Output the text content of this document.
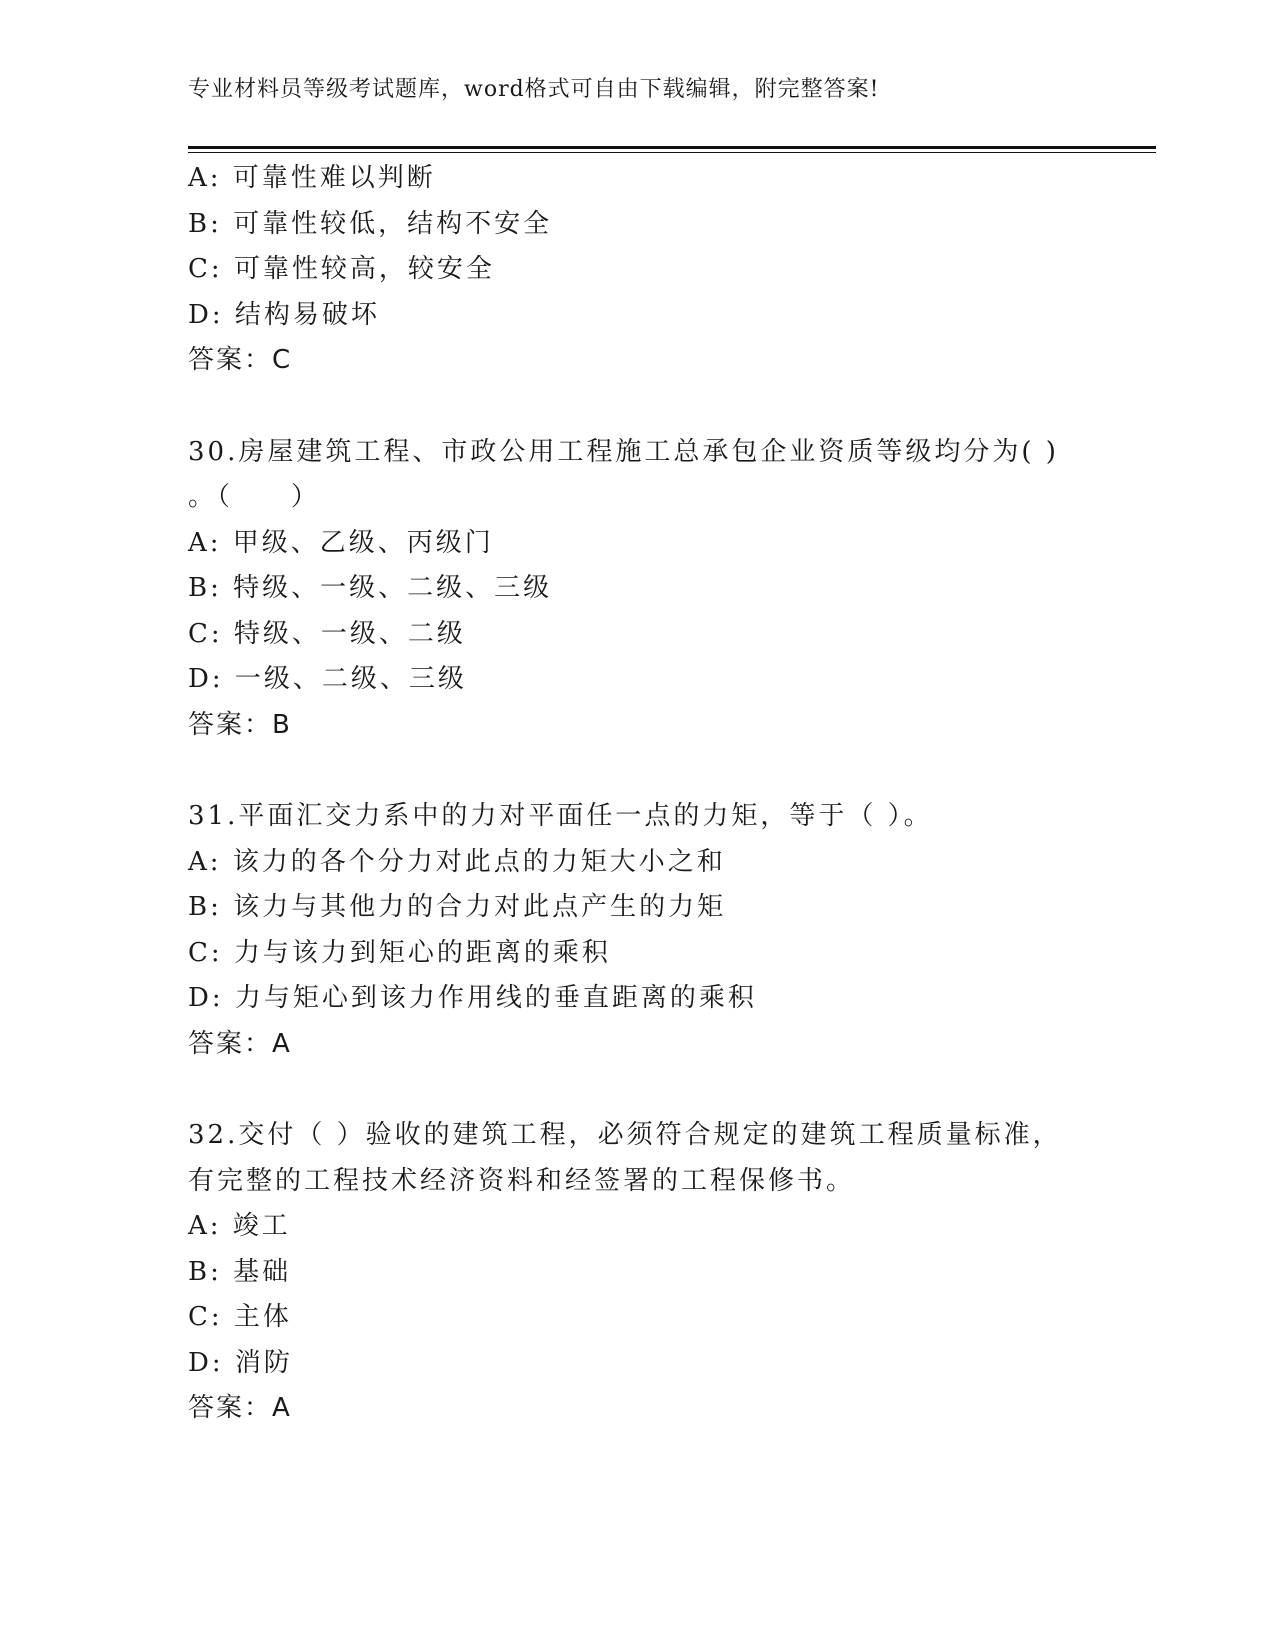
专业材料员等级考试题库，word格式可自由下载编辑，附完整答案!
A: 可靠性难以判断
B: 可靠性较低，结构不安全
C: 可靠性较高，较安全
D: 结构易破坏
答案：C
30.房屋建筑工程、市政公用工程施工总承包企业资质等级均分为( )
。（　　）
A: 甲级、乙级、丙级门
B: 特级、一级、二级、三级
C: 特级、一级、二级
D: 一级、二级、三级
答案：B
31.平面汇交力系中的力对平面任一点的力矩，等于（ ）。
A: 该力的各个分力对此点的力矩大小之和
B: 该力与其他力的合力对此点产生的力矩
C: 力与该力到矩心的距离的乘积
D: 力与矩心到该力作用线的垂直距离的乘积
答案：A
32.交付（ ）验收的建筑工程，必须符合规定的建筑工程质量标准，
有完整的工程技术经济资料和经签署的工程保修书。
A: 竣工
B: 基础
C: 主体
D: 消防
答案：A
